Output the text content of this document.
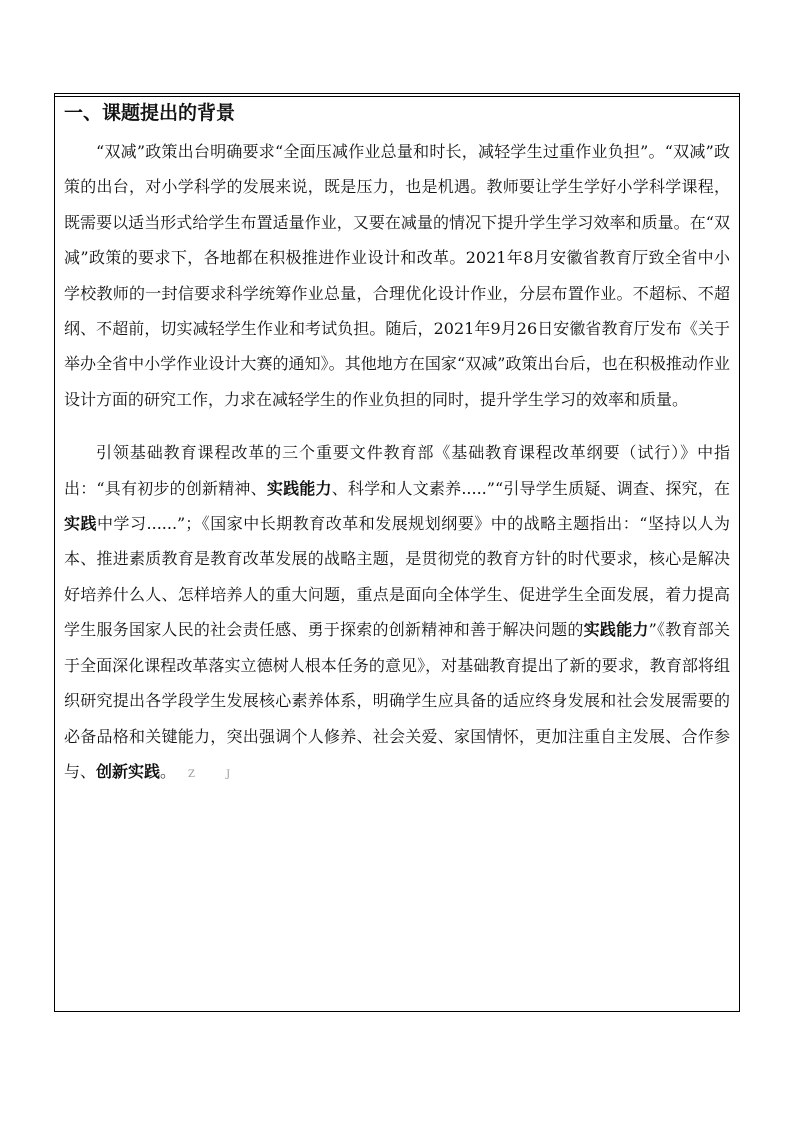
一、课题提出的背景

“双减”政策出台明确要求“全面压减作业总量和时长，减轻学生过重作业负担”。“双减”政策的出台，对小学科学的发展来说，既是压力，也是机遇。教师要让学生学好小学科学课程，既需要以适当形式给学生布置适量作业，又要在减量的情况下提升学生学习效率和质量。在“双减”政策的要求下，各地都在积极推进作业设计和改革。2021年8月安徽省教育厅致全省中小学校教师的一封信要求科学统筹作业总量，合理优化设计作业，分层布置作业。不超标、不超纲、不超前，切实减轻学生作业和考试负担。随后，2021年9月26日安徽省教育厅发布《关于举办全省中小学作业设计大赛的通知》。其他地方在国家“双减”政策出台后，也在积极推动作业设计方面的研究工作，力求在减轻学生的作业负担的同时，提升学生学习的效率和质量。

引领基础教育课程改革的三个重要文件教育部《基础教育课程改革纲要（试行）》中指出：“具有初步的创新精神、实践能力、科学和人文素养.....”“引导学生质疑、调查、探究，在实践中学习......”；《国家中长期教育改革和发展规划纲要》中的战略主题指出：“坚持以人为本、推进素质教育是教育改革发展的战略主题，是贯彻党的教育方针的时代要求，核心是解决好培养什么人、怎样培养人的重大问题，重点是面向全体学生、促进学生全面发展，着力提高学生服务国家人民的社会责任感、勇于探索的创新精神和善于解决问题的实践能力”《教育部关于全面深化课程改革落实立德树人根本任务的意见》，对基础教育提出了新的要求，教育部将组织研究提出各学段学生发展核心素养体系，明确学生应具备的适应终身发展和社会发展需要的必备品格和关键能力，突出强调个人修养、社会关爱、家国情怀，更加注重自主发展、合作参与、创新实践。 Z J
